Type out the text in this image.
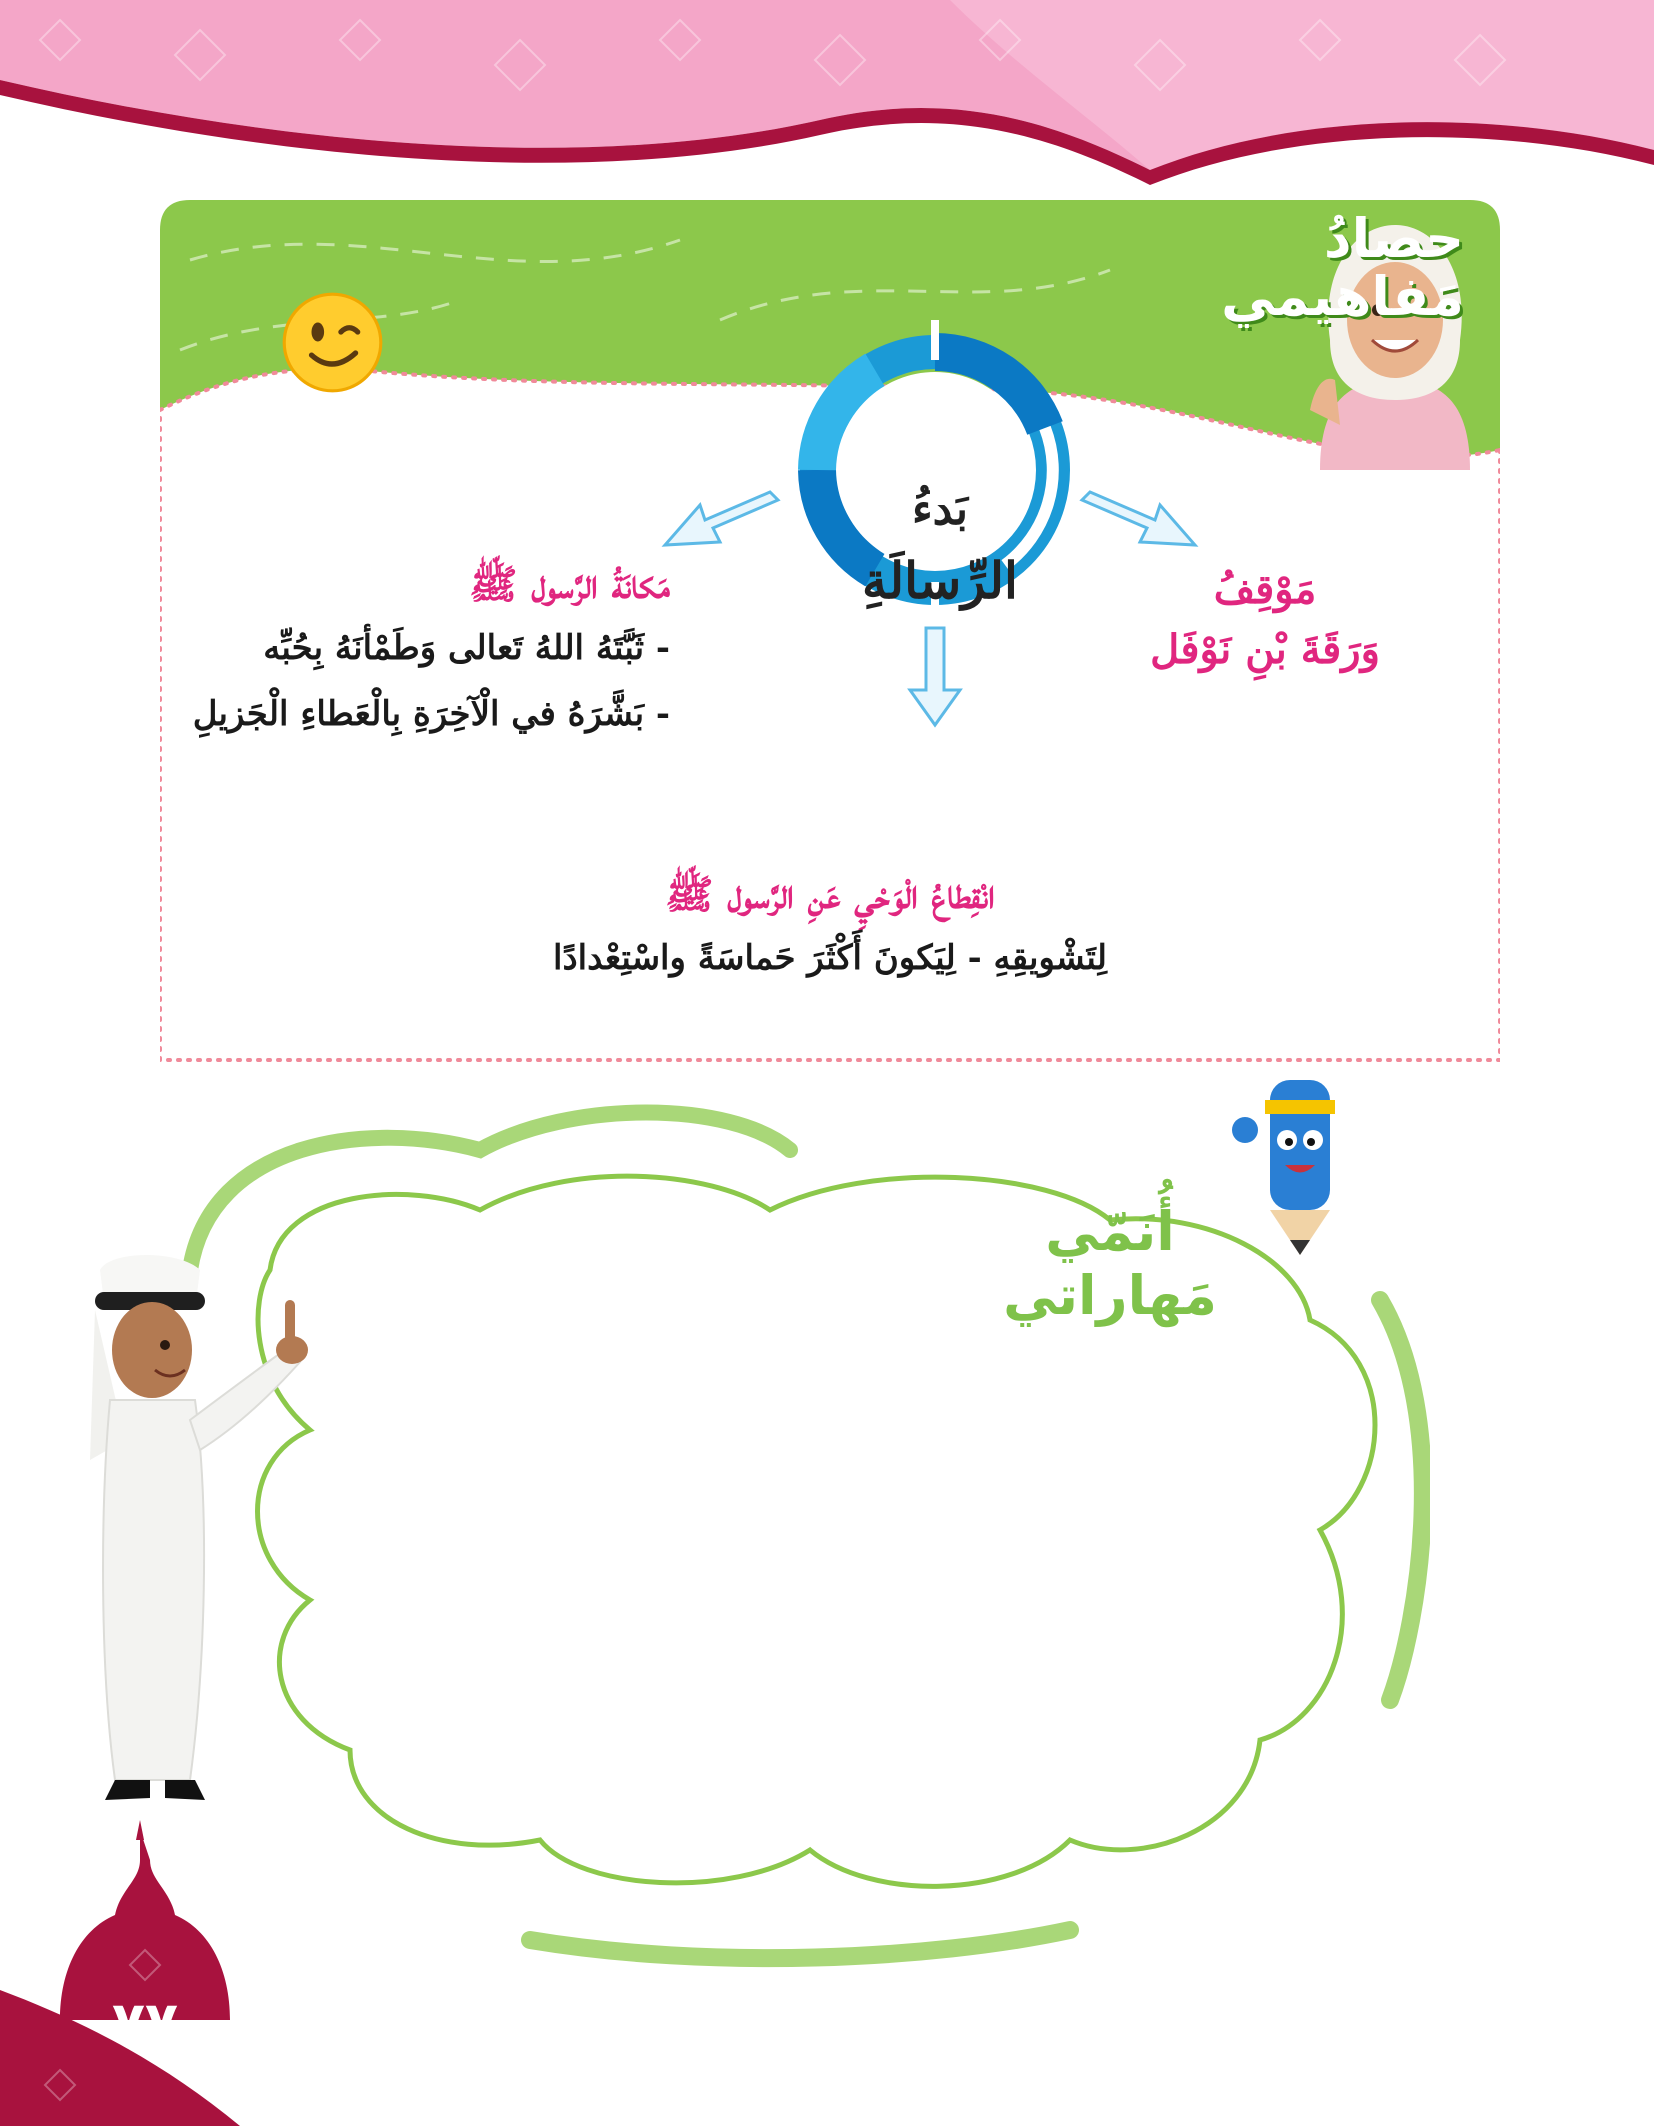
حصادُ
مَفاهيمي
بَدءُ
الرِّسالَةِ
مَكانَةُ الرَّسول ﷺ
- ثَبَّتَهُ اللهُ تَعالى وَطَمْأنَهُ بِحُبِّه
- بَشَّرَهُ في الْآخِرَةِ بِالْعَطاءِ الْجَزيلِ
مَوْقِفُ
وَرَقَةَ بْنِ نَوْفَل
انْقِطاعُ الْوَحْيِ عَنِ الرَّسول ﷺ
لِتَشْويقِهِ - لِيَكونَ أَكْثَرَ حَماسَةً واسْتِعْدادًا
أُنَمّي
مَهاراتي
٧٧
